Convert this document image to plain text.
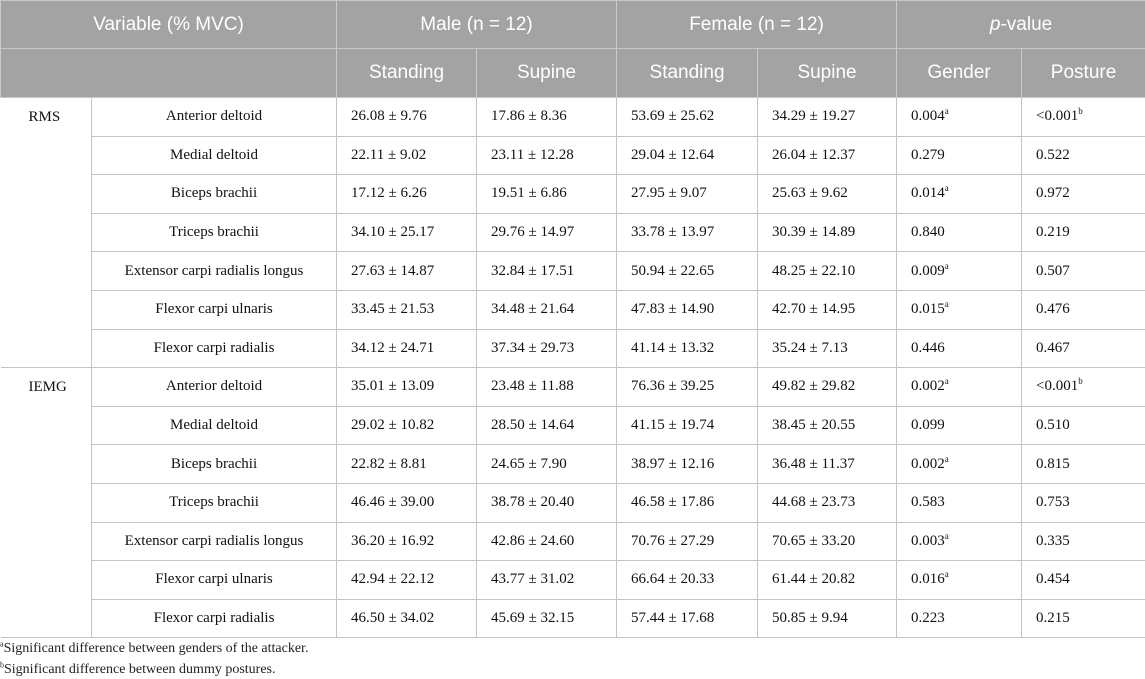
Variable (% MVC)		Male (n = 12)		Female (n = 12)		p-value	
		Standing	Supine	Standing	Supine	Gender	Posture
RMS	Anterior deltoid	26.08 ± 9.76	17.86 ± 8.36	53.69 ± 25.62	34.29 ± 19.27	0.004$^a$	<0.001$^b$
	Medial deltoid	22.11 ± 9.02	23.11 ± 12.28	29.04 ± 12.64	26.04 ± 12.37	0.279	0.522
	Biceps brachii	17.12 ± 6.26	19.51 ± 6.86	27.95 ± 9.07	25.63 ± 9.62	0.014$^a$	0.972
	Triceps brachii	34.10 ± 25.17	29.76 ± 14.97	33.78 ± 13.97	30.39 ± 14.89	0.840	0.219
	Extensor carpi radialis longus	27.63 ± 14.87	32.84 ± 17.51	50.94 ± 22.65	48.25 ± 22.10	0.009$^a$	0.507
	Flexor carpi ulnaris	33.45 ± 21.53	34.48 ± 21.64	47.83 ± 14.90	42.70 ± 14.95	0.015$^a$	0.476
	Flexor carpi radialis	34.12 ± 24.71	37.34 ± 29.73	41.14 ± 13.32	35.24 ± 7.13	0.446	0.467
IEMG	Anterior deltoid	35.01 ± 13.09	23.48 ± 11.88	76.36 ± 39.25	49.82 ± 29.82	0.002$^a$	<0.001$^b$
	Medial deltoid	29.02 ± 10.82	28.50 ± 14.64	41.15 ± 19.74	38.45 ± 20.55	0.099	0.510
	Biceps brachii	22.82 ± 8.81	24.65 ± 7.90	38.97 ± 12.16	36.48 ± 11.37	0.002$^a$	0.815
	Triceps brachii	46.46 ± 39.00	38.78 ± 20.40	46.58 ± 17.86	44.68 ± 23.73	0.583	0.753
	Extensor carpi radialis longus	36.20 ± 16.92	42.86 ± 24.60	70.76 ± 27.29	70.65 ± 33.20	0.003$^a$	0.335
	Flexor carpi ulnaris	42.94 ± 22.12	43.77 ± 31.02	66.64 ± 20.33	61.44 ± 20.82	0.016$^a$	0.454
	Flexor carpi radialis	46.50 ± 34.02	45.69 ± 32.15	57.44 ± 17.68	50.85 ± 9.94	0.223	0.215
$^a$Significant difference between genders of the attacker.
$^b$Significant difference between dummy postures.
